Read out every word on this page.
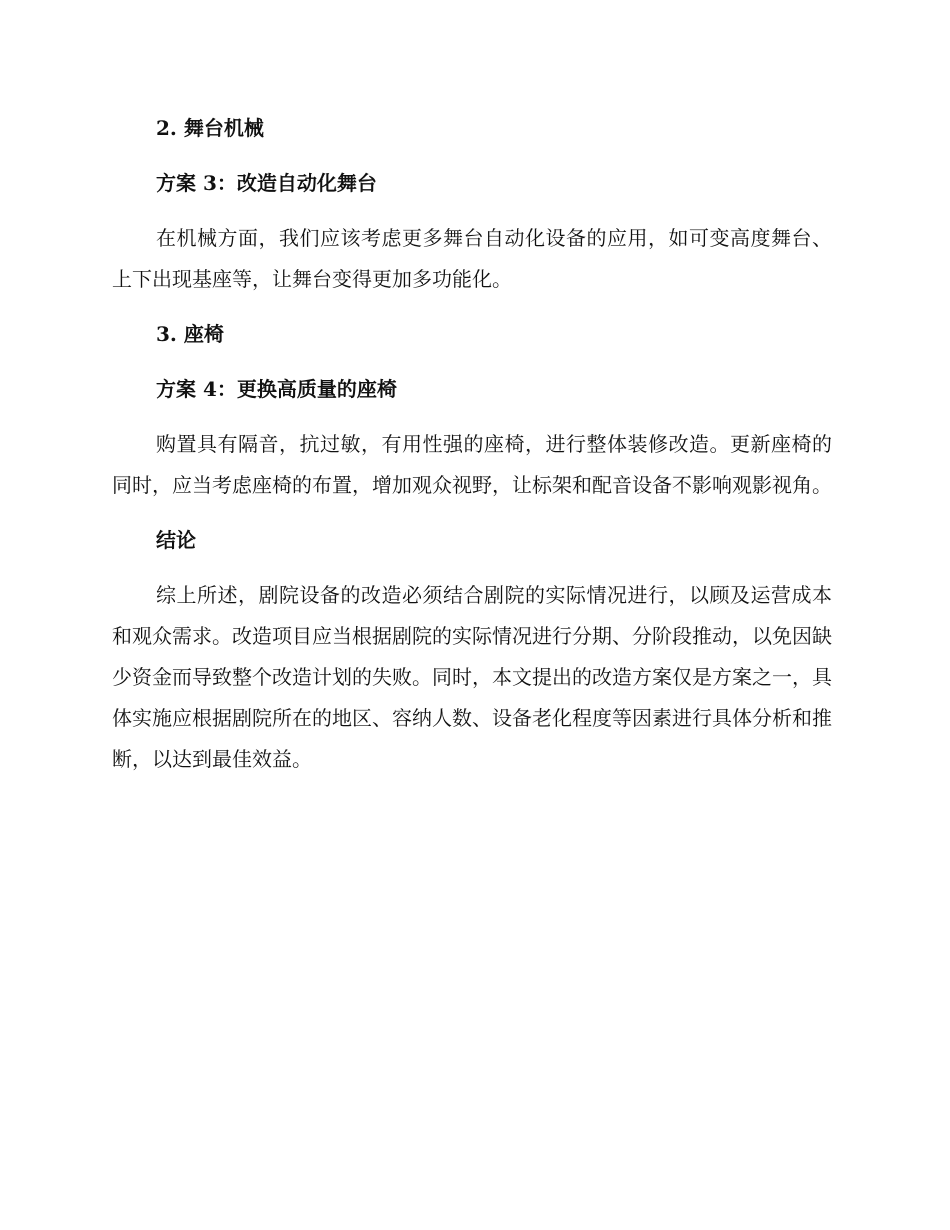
2. 舞台机械
方案 3：改造自动化舞台

在机械方面，我们应该考虑更多舞台自动化设备的应用，如可变高度舞台、上下出现基座等，让舞台变得更加多功能化。

3. 座椅
方案 4：更换高质量的座椅

购置具有隔音，抗过敏，有用性强的座椅，进行整体装修改造。更新座椅的同时，应当考虑座椅的布置，增加观众视野，让标架和配音设备不影响观影视角。

结论

综上所述，剧院设备的改造必须结合剧院的实际情况进行，以顾及运营成本和观众需求。改造项目应当根据剧院的实际情况进行分期、分阶段推动，以免因缺少资金而导致整个改造计划的失败。同时，本文提出的改造方案仅是方案之一，具体实施应根据剧院所在的地区、容纳人数、设备老化程度等因素进行具体分析和推断，以达到最佳效益。
